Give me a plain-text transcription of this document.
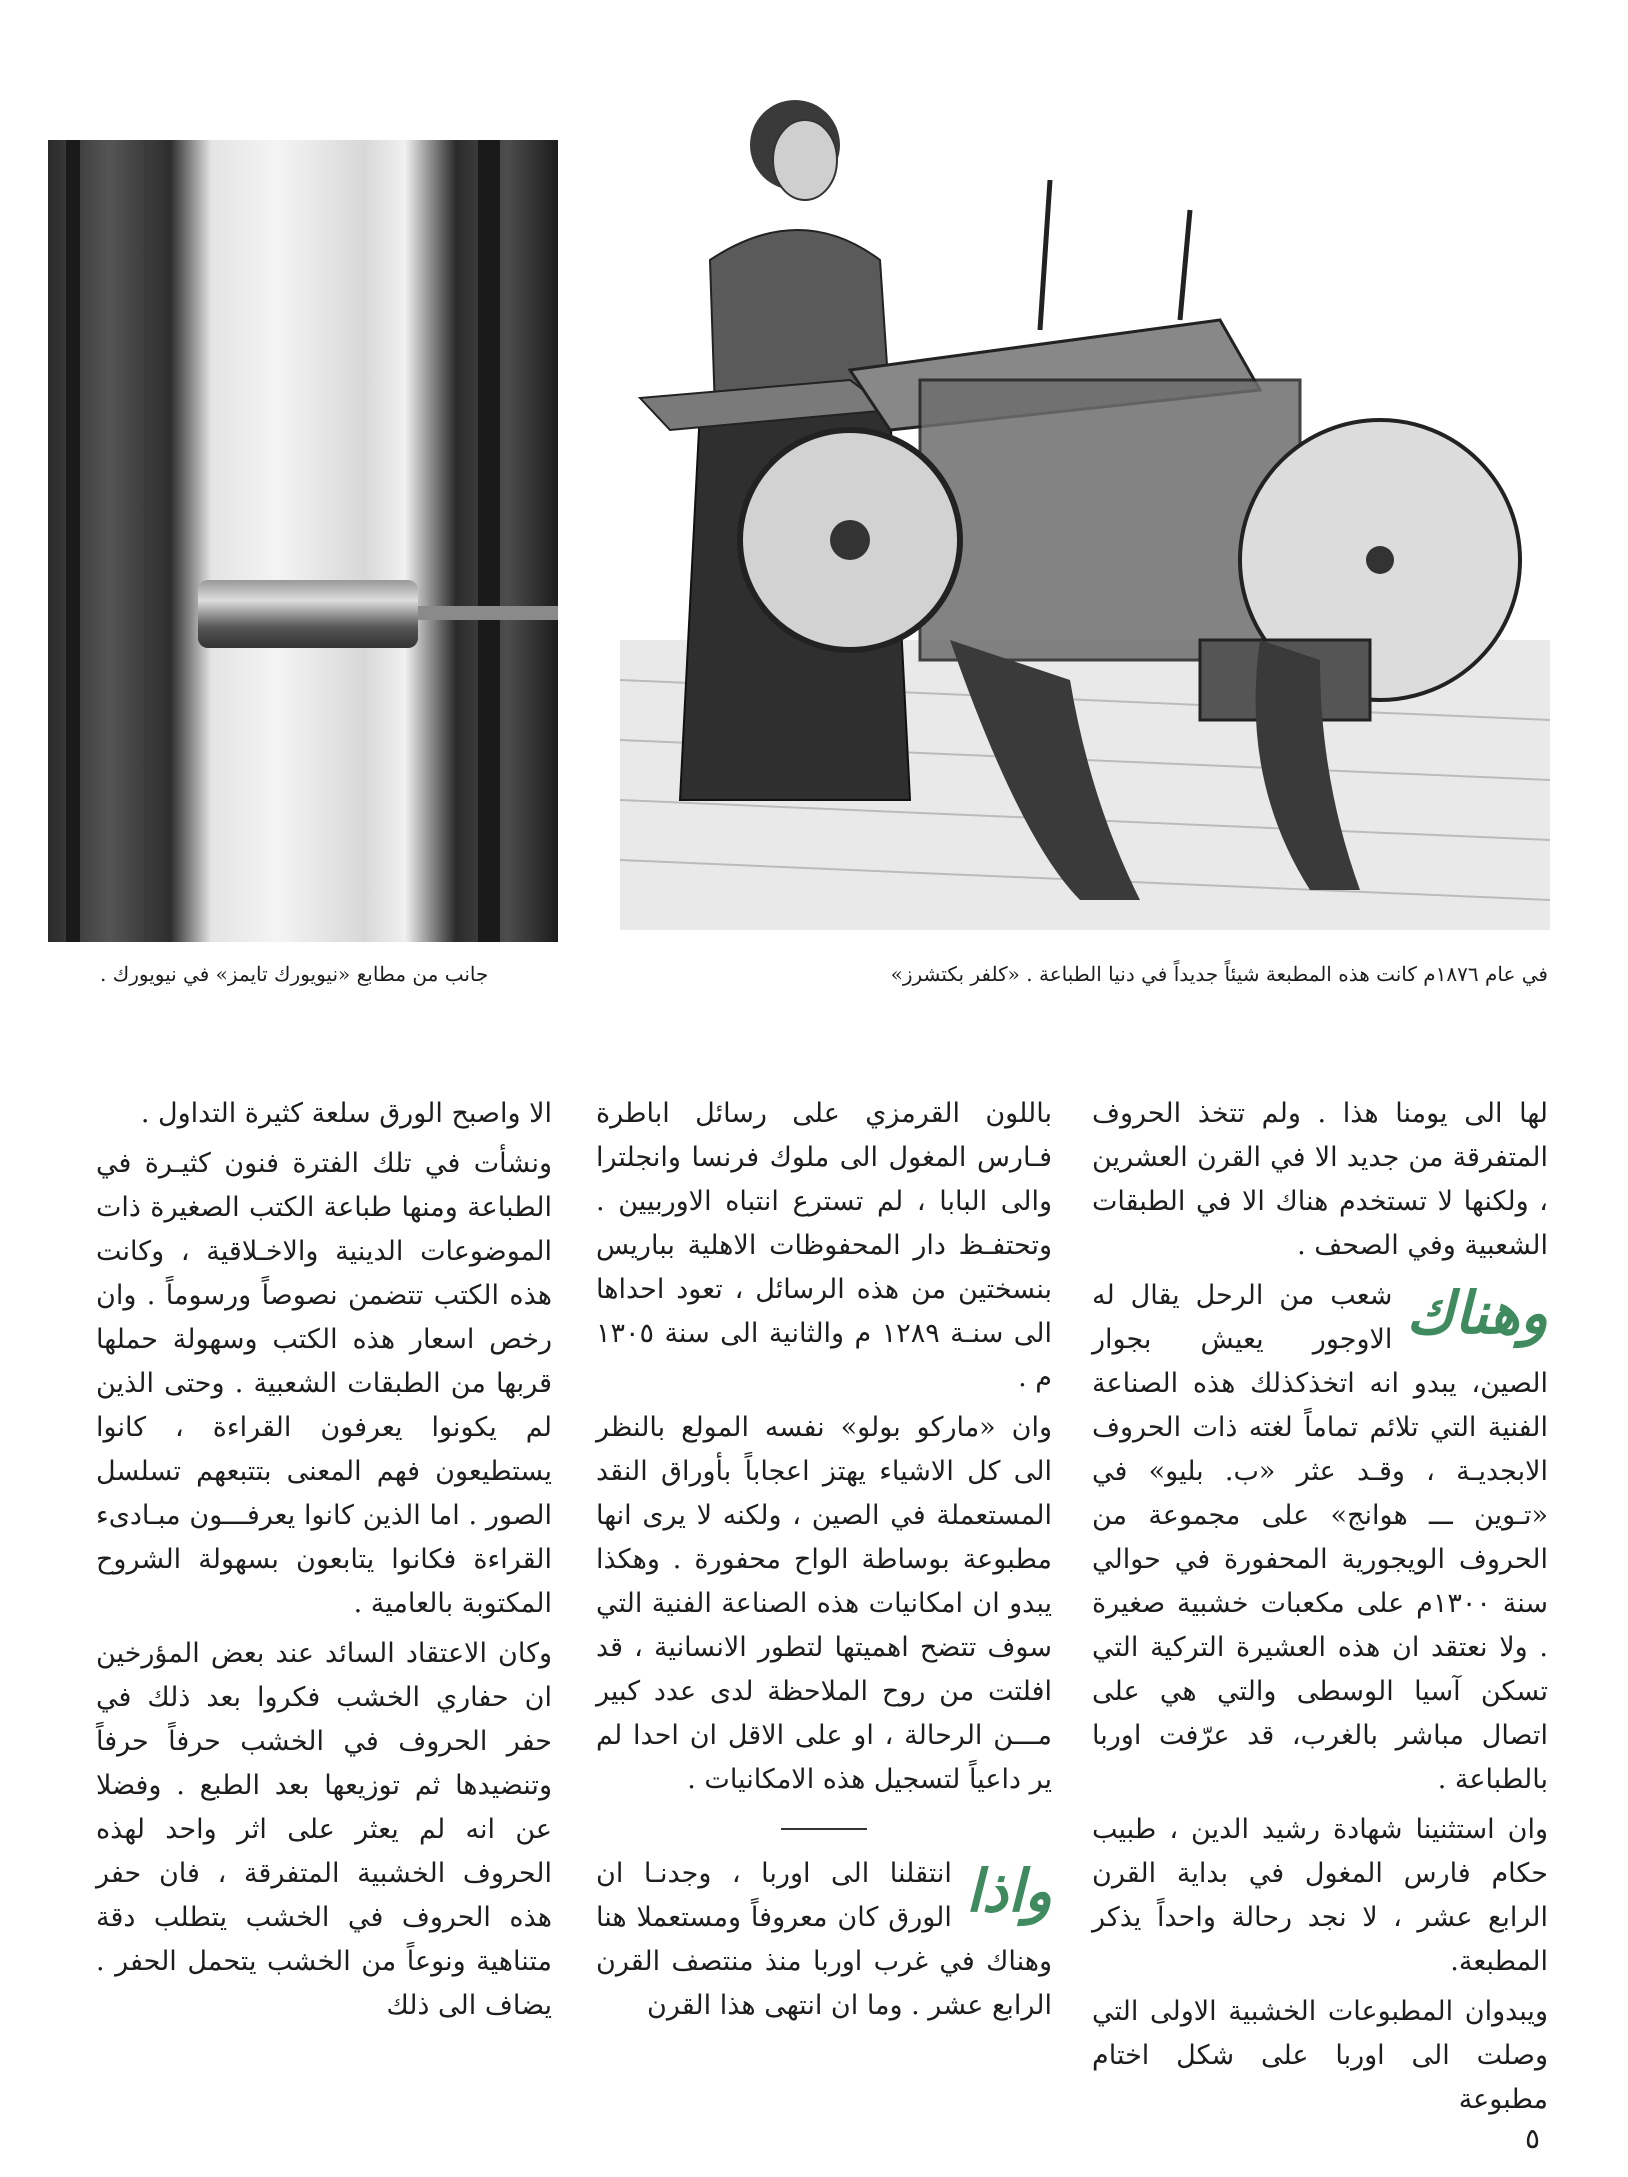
في عام ١٨٧٦م كانت هذه المطبعة شيئاً جديداً في دنيا الطباعة . «كلفر بكتشرز»
جانب من مطابع «نيويورك تايمز» في نيويورك .

لها الى يومنا هذا . ولم تتخذ الحروف المتفرقة من جديد الا في القرن العشرين ، ولكنها لا تستخدم هناك الا في الطبقات الشعبية وفي الصحف .

وهناك
شعب من الرحل يقال له الاوجور يعيش بجوار الصين، يبدو انه اتخذكذلك هذه الصناعة الفنية التي تلائم تماماً لغته ذات الحروف الابجديـة ، وقـد عثر «ب. بليو» في «تـوين ـــ هوانج» على مجموعة من الحروف الويجورية المحفورة في حوالي سنة ١٣٠٠م على مكعبات خشبية صغيرة . ولا نعتقد ان هذه العشيرة التركية التي تسكن آسيا الوسطى والتي هي على اتصال مباشر بالغرب، قد عرّفت اوربا بالطباعة .

وان استثنينا شهادة رشيد الدين ، طبيب حكام فارس المغول في بداية القرن الرابع عشر ، لا نجد رحالة واحداً يذكر المطبعة.

ويبدوان المطبوعات الخشبية الاولى التي وصلت الى اوربا على شكل اختام مطبوعة

باللون القرمزي على رسائل اباطرة فـارس المغول الى ملوك فرنسا وانجلترا والى البابا ، لم تسترع انتباه الاوربيين . وتحتفـظ دار المحفوظات الاهلية بباريس بنسختين من هذه الرسائل ، تعود احداها الى سنـة ١٢٨٩ م والثانية الى سنة ١٣٠٥ م .

وان «ماركو بولو» نفسه المولع بالنظر الى كل الاشياء يهتز اعجاباً بأوراق النقد المستعملة في الصين ، ولكنه لا يرى انها مطبوعة بوساطة الواح محفورة . وهكذا يبدو ان امكانيات هذه الصناعة الفنية التي سوف تتضح اهميتها لتطور الانسانية ، قد افلتت من روح الملاحظة لدى عدد كبير مـــن الرحالة ، او على الاقل ان احدا لم ير داعياً لتسجيل هذه الامكانيات .

واذا
انتقلنا الى اوربا ، وجدنـا ان الورق كان معروفاً ومستعملا هنا وهناك في غرب اوربا منذ منتصف القرن الرابع عشر . وما ان انتهى هذا القرن

الا واصبح الورق سلعة كثيرة التداول .

ونشأت في تلك الفترة فنون كثيـرة في الطباعة ومنها طباعة الكتب الصغيرة ذات الموضوعات الدينية والاخـلاقية ، وكانت هذه الكتب تتضمن نصوصاً ورسوماً . وان رخص اسعار هذه الكتب وسهولة حملها قربها من الطبقات الشعبية . وحتى الذين لم يكونوا يعرفون القراءة ، كانوا يستطيعون فهم المعنى بتتبعهم تسلسل الصور . اما الذين كانوا يعرفـــون مبـادىء القراءة فكانوا يتابعون بسهولة الشروح المكتوبة بالعامية .

وكان الاعتقاد السائد عند بعض المؤرخين ان حفاري الخشب فكروا بعد ذلك في حفر الحروف في الخشب حرفاً حرفاً وتنضيدها ثم توزيعها بعد الطبع . وفضلا عن انه لم يعثر على اثر واحد لهذه الحروف الخشبية المتفرقة ، فان حفر هذه الحروف في الخشب يتطلب دقة متناهية ونوعاً من الخشب يتحمل الحفر . يضاف الى ذلك

٥
